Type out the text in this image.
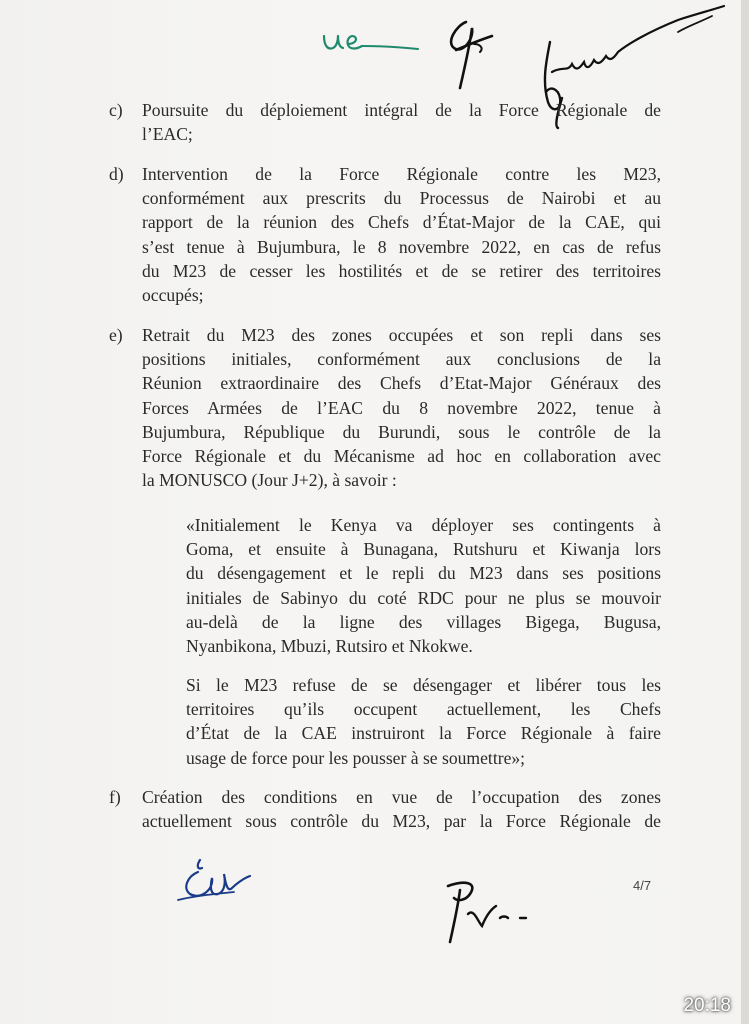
c) Poursuite du déploiement intégral de la Force Régionale de
l’EAC;
d) Intervention de la Force Régionale contre les M23,
conformément aux prescrits du Processus de Nairobi et au
rapport de la réunion des Chefs d’État-Major de la CAE, qui
s’est tenue à Bujumbura, le 8 novembre 2022, en cas de refus
du M23 de cesser les hostilités et de se retirer des territoires
occupés;
e) Retrait du M23 des zones occupées et son repli dans ses
positions initiales, conformément aux conclusions de la
Réunion extraordinaire des Chefs d’Etat-Major Généraux des
Forces Armées de l’EAC du 8 novembre 2022, tenue à
Bujumbura, République du Burundi, sous le contrôle de la
Force Régionale et du Mécanisme ad hoc en collaboration avec
la MONUSCO (Jour J+2), à savoir :
«Initialement le Kenya va déployer ses contingents à
Goma, et ensuite à Bunagana, Rutshuru et Kiwanja lors
du désengagement et le repli du M23 dans ses positions
initiales de Sabinyo du coté RDC pour ne plus se mouvoir
au-delà de la ligne des villages Bigega, Bugusa,
Nyanbikona, Mbuzi, Rutsiro et Nkokwe.
Si le M23 refuse de se désengager et libérer tous les
territoires qu’ils occupent actuellement, les Chefs
d’État de la CAE instruiront la Force Régionale à faire
usage de force pour les pousser à se soumettre»;
f) Création des conditions en vue de l’occupation des zones
actuellement sous contrôle du M23, par la Force Régionale de
4/7
20:18
